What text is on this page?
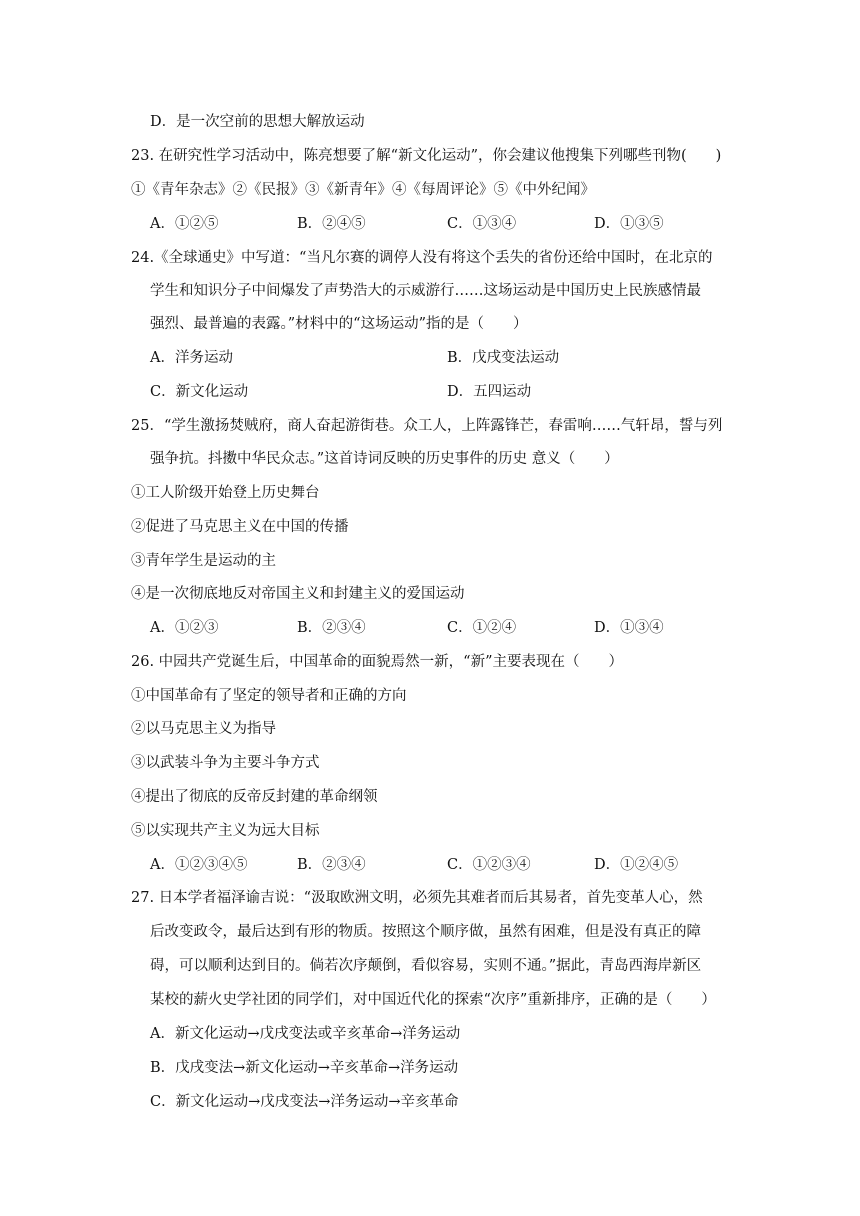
D．是一次空前的思想大解放运动
23. 在研究性学习活动中，陈亮想要了解“新文化运动”，你会建议他搜集下列哪些刊物(　　)
①《青年杂志》②《民报》③《新青年》④《每周评论》⑤《中外纪闻》
A．①②⑤	B．②④⑤	C．①③④	D．①③⑤
24.《全球通史》中写道：“当凡尔赛的调停人没有将这个丢失的省份还给中国时，在北京的
学生和知识分子中间爆发了声势浩大的示威游行……这场运动是中国历史上民族感情最
强烈、最普遍的表露。”材料中的“这场运动”指的是（　　）
A．洋务运动	B．戊戌变法运动
C．新文化运动	D．五四运动
25．“学生激扬焚贼府，商人奋起游街巷。众工人，上阵露锋芒，春雷响……气轩昂，誓与列
强争抗。抖擞中华民众志。”这首诗词反映的历史事件的历史 意义（　　）
①工人阶级开始登上历史舞台
②促进了马克思主义在中国的传播
③青年学生是运动的主
④是一次彻底地反对帝国主义和封建主义的爱国运动
A．①②③	B．②③④	C．①②④	D．①③④
26. 中园共产党诞生后，中国革命的面貌焉然一新，“新”主要表现在（　　）
①中国革命有了坚定的领导者和正确的方向
②以马克思主义为指导
③以武装斗争为主要斗争方式
④提出了彻底的反帝反封建的革命纲领
⑤以实现共产主义为远大目标
A．①②③④⑤	B．②③④	C．①②③④	D．①②④⑤
27. 日本学者福泽谕吉说：“汲取欧洲文明，必须先其难者而后其易者，首先变革人心，然
后改变政令，最后达到有形的物质。按照这个顺序做，虽然有困难，但是没有真正的障
碍，可以顺利达到目的。倘若次序颠倒，看似容易，实则不通。”据此，青岛西海岸新区
某校的薪火史学社团的同学们，对中国近代化的探索“次序”重新排序，正确的是（　　）
A．新文化运动→戊戌变法或辛亥革命→洋务运动
B．戊戌变法→新文化运动→辛亥革命→洋务运动
C．新文化运动→戊戌变法→洋务运动→辛亥革命
